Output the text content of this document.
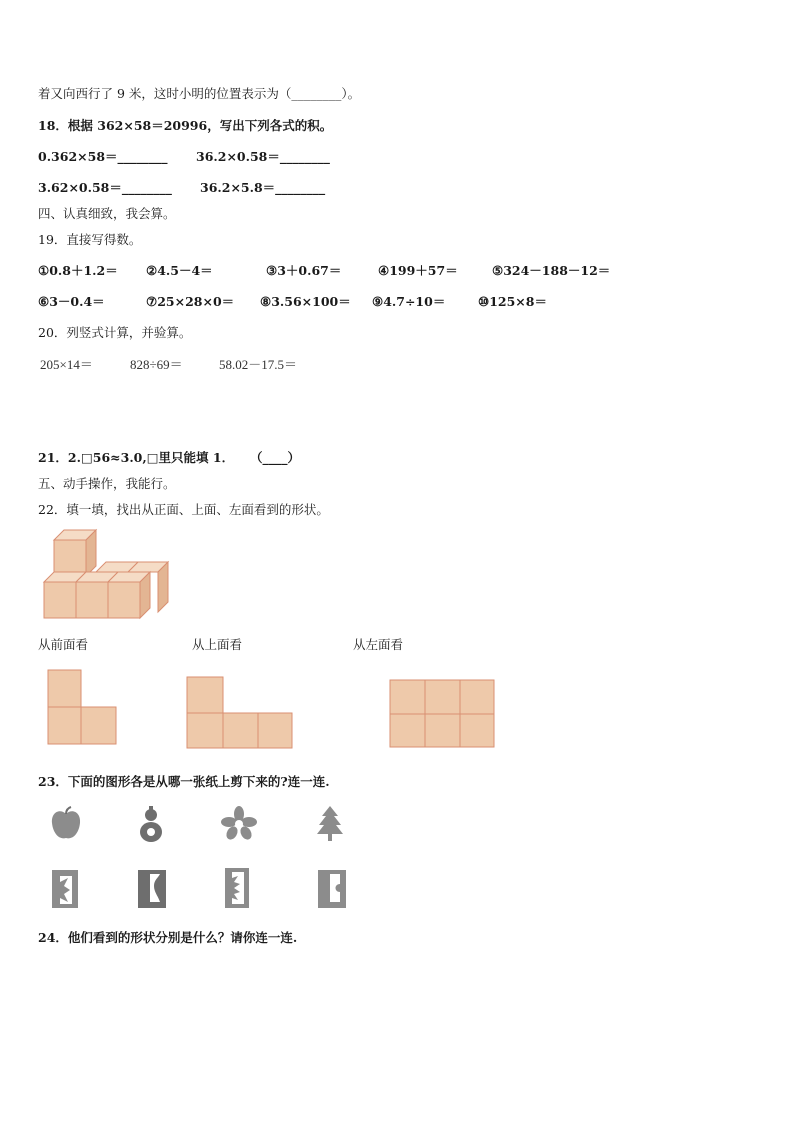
着又向西行了 9 米，这时小明的位置表示为（________）。
18．根据 362×58＝20996，写出下列各式的积。
0.362×58＝________ 36.2×0.58＝________
3.62×0.58＝________ 36.2×5.8＝________
四、认真细致，我会算。
19．直接写得数。
①0.8＋1.2＝ ②4.5－4＝	③3＋0.67＝	④199＋57＝	⑤324－188－12＝
⑥3－0.4＝	⑦25×28×0＝ ⑧3.56×100＝ ⑨4.7÷10＝	⑩125×8＝
20．列竖式计算，并验算。
205×14＝	828÷69＝	58.02－17.5＝
21．2.□56≈3.0,□里只能填 1． （____）
五、动手操作，我能行。
22．填一填，找出从正面、上面、左面看到的形状。
从前面看	从上面看	从左面看
23．下面的图形各是从哪一张纸上剪下来的?连一连.
24．他们看到的形状分别是什么？请你连一连.
